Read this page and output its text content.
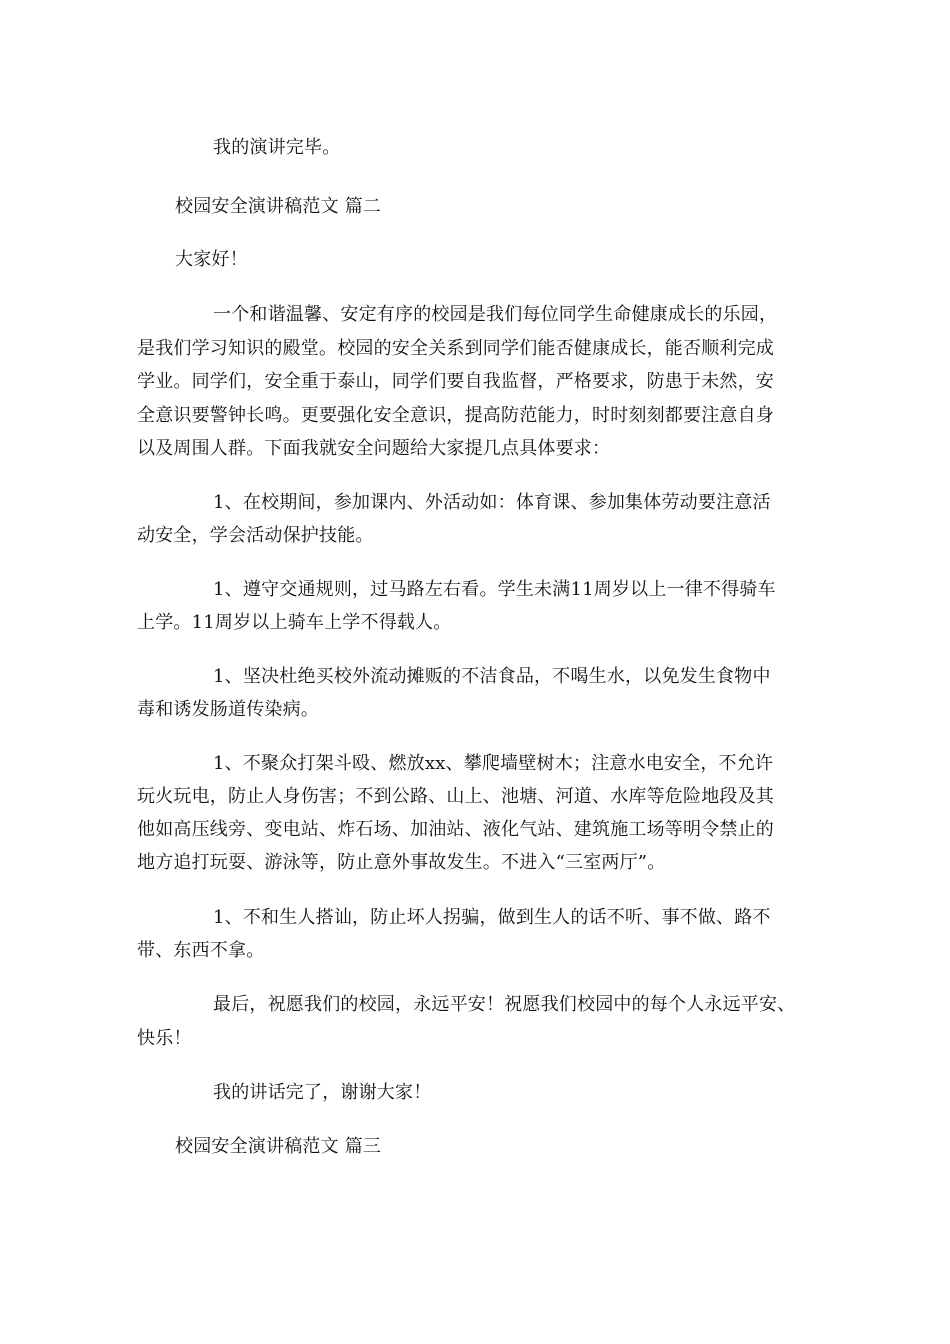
我的演讲完毕。
校园安全演讲稿范文 篇二
大家好！
一个和谐温馨、安定有序的校园是我们每位同学生命健康成长的乐园，
是我们学习知识的殿堂。校园的安全关系到同学们能否健康成长，能否顺利完成
学业。同学们，安全重于泰山，同学们要自我监督，严格要求，防患于未然，安
全意识要警钟长鸣。更要强化安全意识，提高防范能力，时时刻刻都要注意自身
以及周围人群。下面我就安全问题给大家提几点具体要求：
1、在校期间，参加课内、外活动如：体育课、参加集体劳动要注意活
动安全，学会活动保护技能。
1、遵守交通规则，过马路左右看。学生未满11周岁以上一律不得骑车
上学。11周岁以上骑车上学不得载人。
1、坚决杜绝买校外流动摊贩的不洁食品，不喝生水，以免发生食物中
毒和诱发肠道传染病。
1、不聚众打架斗殴、燃放xx、攀爬墙壁树木；注意水电安全，不允许
玩火玩电，防止人身伤害；不到公路、山上、池塘、河道、水库等危险地段及其
他如高压线旁、变电站、炸石场、加油站、液化气站、建筑施工场等明令禁止的
地方追打玩耍、游泳等，防止意外事故发生。不进入“三室两厅”。
1、不和生人搭讪，防止坏人拐骗，做到生人的话不听、事不做、路不
带、东西不拿。
最后，祝愿我们的校园，永远平安！祝愿我们校园中的每个人永远平安、
快乐！
我的讲话完了，谢谢大家！
校园安全演讲稿范文 篇三
